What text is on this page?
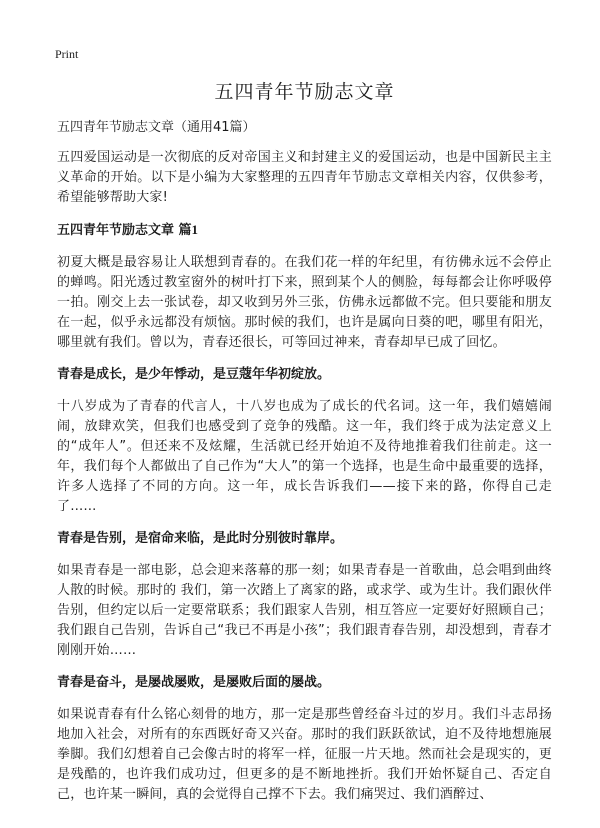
Print
五四青年节励志文章

五四青年节励志文章（通用41篇）

五四爱国运动是一次彻底的反对帝国主义和封建主义的爱国运动，也是中国新民主主义革命的开始。以下是小编为大家整理的五四青年节励志文章相关内容，仅供参考，希望能够帮助大家!

五四青年节励志文章 篇1

初夏大概是最容易让人联想到青春的。在我们花一样的年纪里，有彷佛永远不会停止的蝉鸣。阳光透过教室窗外的树叶打下来，照到某个人的侧脸，每每都会让你呼吸停一拍。刚交上去一张试卷，却又收到另外三张，仿佛永远都做不完。但只要能和朋友在一起，似乎永远都没有烦恼。那时候的我们，也许是属向日葵的吧，哪里有阳光，哪里就有我们。曾以为，青春还很长，可等回过神来，青春却早已成了回忆。

青春是成长，是少年悸动，是豆蔻年华初绽放。

十八岁成为了青春的代言人，十八岁也成为了成长的代名词。这一年，我们嬉嬉闹闹，放肆欢笑，但我们也感受到了竞争的残酷。这一年，我们终于成为法定意义上的“成年人”。但还来不及炫耀，生活就已经开始迫不及待地推着我们往前走。这一年，我们每个人都做出了自己作为“大人”的第一个选择，也是生命中最重要的选择，许多人选择了不同的方向。这一年，成长告诉我们——接下来的路，你得自己走了……

青春是告别，是宿命来临，是此时分别彼时靠岸。

如果青春是一部电影，总会迎来落幕的那一刻；如果青春是一首歌曲，总会唱到曲终人散的时候。那时的 我们，第一次踏上了离家的路，或求学、或为生计。我们跟伙伴告别，但约定以后一定要常联系；我们跟家人告别，相互答应一定要好好照顾自己；我们跟自己告别，告诉自己“我已不再是小孩”；我们跟青春告别，却没想到，青春才刚刚开始……

青春是奋斗，是屡战屡败，是屡败后面的屡战。

如果说青春有什么铭心刻骨的地方，那一定是那些曾经奋斗过的岁月。我们斗志昂扬地加入社会，对所有的东西既好奇又兴奋。那时的我们跃跃欲试，迫不及待地想施展拳脚。我们幻想着自己会像古时的将军一样，征服一片天地。然而社会是现实的，更是残酷的，也许我们成功过，但更多的是不断地挫折。我们开始怀疑自己、否定自己，也许某一瞬间，真的会觉得自己撑不下去。我们痛哭过、我们酒醉过、
